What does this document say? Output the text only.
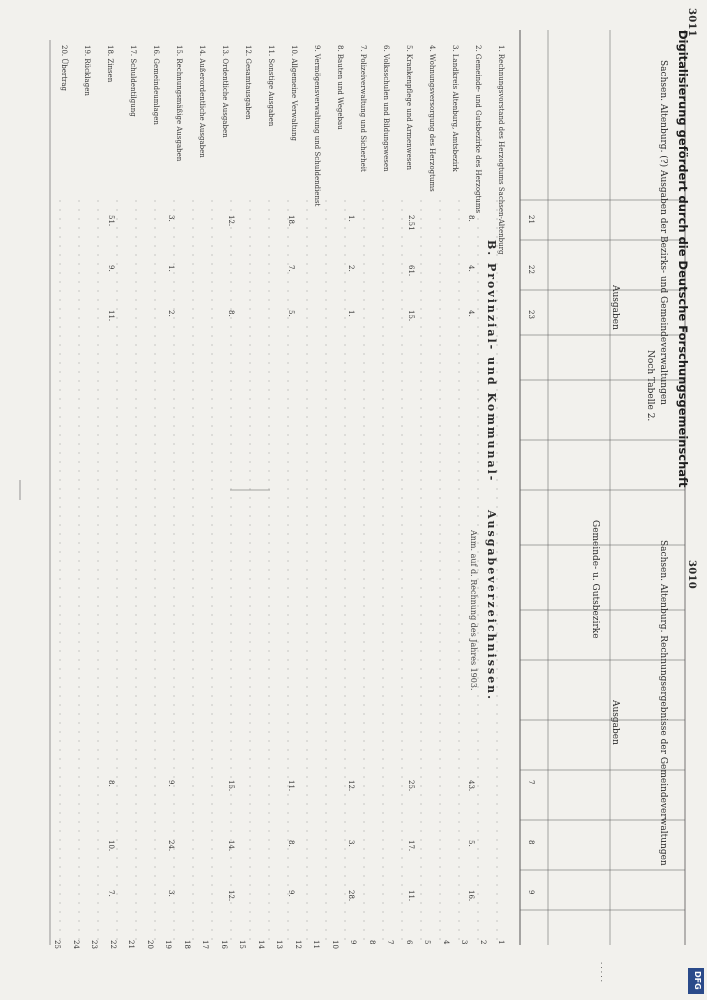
3011
3010
Sachsen. Altenburg. (?) Ausgaben der Bezirks- und Gemeindeverwaltungen
Sachsen. Altenburg. Rechnungsergebnisse der Gemeindeverwaltungen
Noch Tabelle 2.
Ausgaben
Ausgaben
Gemeinde- u. Gutsbezirke
B. Provinzial- und Kommunal-
Ausgabeverzeichnissen.
Anm. auf d. Rechnung des Jahres 1903.
· · · · ·
1. Rechnungsvorstand des Herzogtums Sachsen-Altenburg
2. Gemeinde- und Gutsbezirke des Herzogtums
3. Landkreis Altenburg, Amtsbezirk
4. Wohnungsversorgung des Herzogtums
5. Krankenpflege und Armenwesen
6. Volksschulen und Bildungswesen
7. Polizeiverwaltung und Sicherheit
8. Bauten und Wegebau
9. Vermögensverwaltung und Schuldendienst
10. Allgemeine Verwaltung
11. Sonstige Ausgaben
12. Gesamtausgaben
13. Ordentliche Ausgaben
14. Außerordentliche Ausgaben
15. Rechnungsmäßige Ausgaben
16. Gemeindeumlagen
17. Schuldentilgung
18. Zinsen
19. Rücklagen
20. Übertrag
1
2
3
4
5
6
7
8
9
10
11
12
13
14
15
16
17
18
19
20
21
22
23
24
25
21
22
23
8.
4.
4.
2.51
61.
15.
1.
2.
1.
18.
7.
5.
12.
8.
3.
1.
2.
51.
9.
11.
7
8
9
43.
5.
16.
25.
17.
11.
12.
3.
28.
11.
8.
9.
15.
14.
12.
9.
24.
3.
8.
10.
7.
Digitalisierung gefördert durch die Deutsche Forschungsgemeinschaft
DFG
